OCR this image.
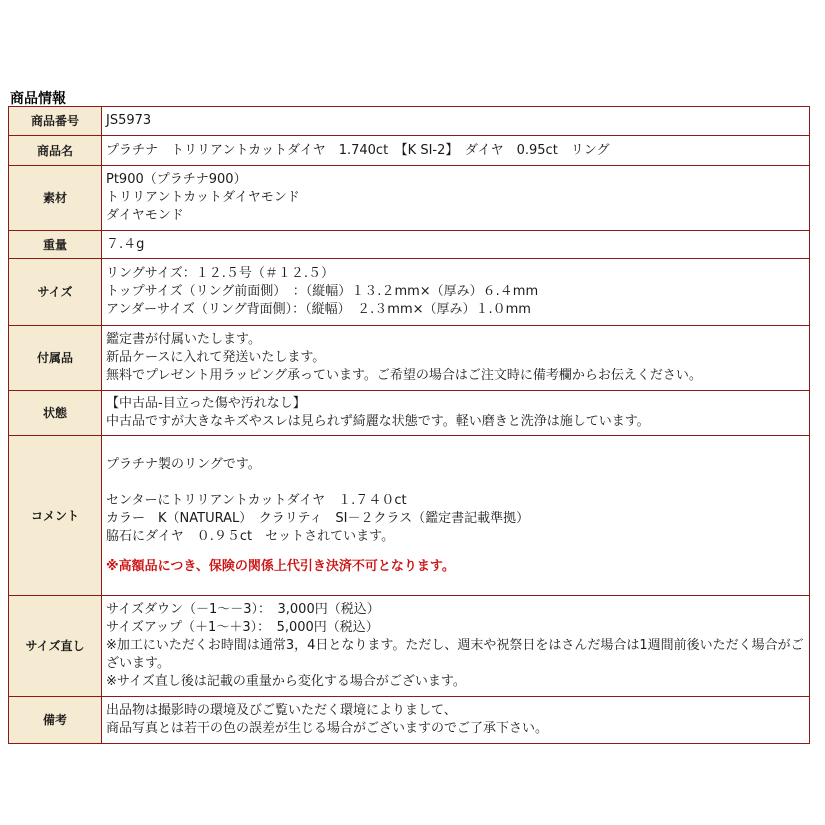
商品情報
商品番号	JS5973
商品名	プラチナ　トリリアントカットダイヤ　1.740ct　【K SI-2】　ダイヤ　0.95ct　リング
素材	Pt900（プラチナ900）
トリリアントカットダイヤモンド
ダイヤモンド

重量	７.４g
サイズ	リングサイズ：１２.５号（＃１２.５）
トップサイズ（リング前面側）　：（縦幅）１３.２mm×（厚み）６.４mm
アンダーサイズ（リング背面側）：（縦幅）　２.３mm×（厚み）１.０mm

付属品	鑑定書が付属いたします。
新品ケースに入れて発送いたします。
無料でプレゼント用ラッピング承っています。ご希望の場合はご注文時に備考欄からお伝えください。

状態	【中古品-目立った傷や汚れなし】
中古品ですが大きなキズやスレは見られず綺麗な状態です。軽い磨きと洗浄は施しています。

コメント	プラチナ製のリングです。
センターにトリリアントカットダイヤ　１.７４０ct
カラー　K（NATURAL）　クラリティ　SI－２クラス（鑑定書記載準拠）
脇石にダイヤ　０.９５ct　セットされています。
※高額品につき、保険の関係上代引き決済不可となります。

サイズ直し	サイズダウン（－1～－3）：　3,000円（税込）
サイズアップ（＋1～＋3）：　5,000円（税込）
※加工にいただくお時間は通常3，4日となります。ただし、週末や祝祭日をはさんだ場合は1週間前後いただく場合がございます。
※サイズ直し後は記載の重量から変化する場合がございます。

備考	出品物は撮影時の環境及びご覧いただく環境によりまして、
商品写真とは若干の色の誤差が生じる場合がございますのでご了承下さい。
